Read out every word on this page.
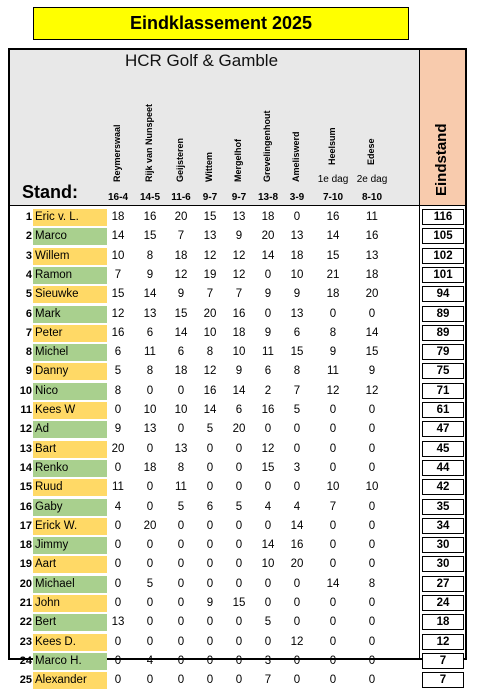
Eindklassement 2025
HCR Golf & Gamble
Stand:	Eindstand
Reymerswaal
16-4
Rijk van Nunspeet
14-5
Geijsteren
11-6
Wittem
9-7
Mergelhof
9-7
Grevelingenhout
13-8
Ameliswerd
3-9
Heelsum
1e dag
7-10
Edese
2e dag
8-10
1 Eric v. L.	18	16	20	15	13	18	0	16	11	116
2 Marco	14	15	7	13	9	20	13	14	16	105
3 Willem	10	8	18	12	12	14	18	15	13	102
4 Ramon	7	9	12	19	12	0	10	21	18	101
5 Sieuwke	15	14	9	7	7	9	9	18	20	94
6 Mark	12	13	15	20	16	0	13	0	0	89
7 Peter	16	6	14	10	18	9	6	8	14	89
8 Michel	6	11	6	8	10	11	15	9	15	79
9 Danny	5	8	18	12	9	6	8	11	9	75
10 Nico	8	0	0	16	14	2	7	12	12	71
11 Kees W	0	10	10	14	6	16	5	0	0	61
12 Ad	9	13	0	5	20	0	0	0	0	47
13 Bart	20	0	13	0	0	12	0	0	0	45
14 Renko	0	18	8	0	0	15	3	0	0	44
15 Ruud	11	0	11	0	0	0	0	10	10	42
16 Gaby	4	0	5	6	5	4	4	7	0	35
17 Erick W.	0	20	0	0	0	0	14	0	0	34
18 Jimmy	0	0	0	0	0	14	16	0	0	30
19 Aart	0	0	0	0	0	10	20	0	0	30
20 Michael	0	5	0	0	0	0	0	14	8	27
21 John	0	0	0	9	15	0	0	0	0	24
22 Bert	13	0	0	0	0	5	0	0	0	18
23 Kees D.	0	0	0	0	0	0	12	0	0	12
24 Marco H.	0	4	0	0	0	3	0	0	0	7
25 Alexander	0	0	0	0	0	7	0	0	0	7
